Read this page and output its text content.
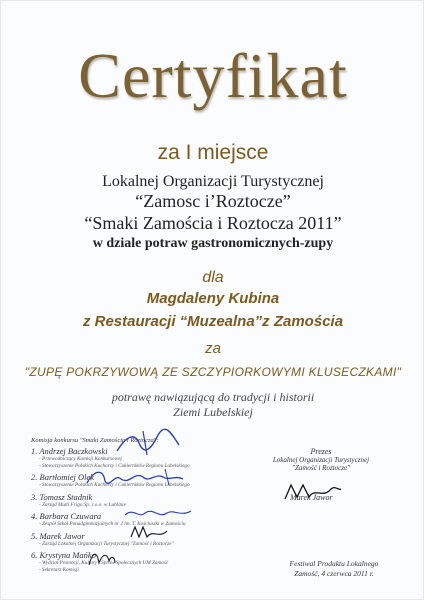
Certyfikat
za I miejsce
Lokalnej Organizacji Turystycznej
“Zamosc i’Roztocze”
“Smaki Zamościa i Roztocza 2011”
w dziale potraw gastronomicznych-zupy
dla
Magdaleny Kubina
z Restauracji “Muzealna”z Zamościa
za
"ZUPĘ POKRZYWOWĄ ZE SZCZYPIORKOWYMI KLUSECZKAMI"
potrawę nawiązującą do tradycji i historii
Ziemi Lubelskiej
Komisja konkursu "Smaki Zamościa i Roztocza":
1. Andrzej Baczkowski
- Przewodniczący Komisji Konkursowej
- Stowarzyszenie Polskich Kucharzy i Cukierników Regionu Lubelskiego
2. Bartłomiej Olek
- Stowarzyszenie Polskich Kucharzy i Cukierników Regionu Lubelskiego
3. Tomasz Stadnik
- Zarząd Multi Frigo Sp. z o.o. w Lublinie
4. Barbara Czuwara
- Zespół Szkół Ponadgimnazjalnych nr 2 im. T. Kościuszki w Zamościu
5. Marek Jawor
- Zarząd Lokalnej Organizacji Turystycznej "Zamość i Roztocze"
6. Krystyna Mańko
- Wydział Promocji, Kultury i Spraw Społecznych UM Zamość
- Sekretarz Komisji
Prezes
Lokalnej Organizacji Turystycznej
"Zamość i Roztocze"
Marek Jawor
Festiwal Produktu Lokalnego
Zamość, 4 czerwca 2011 r.
